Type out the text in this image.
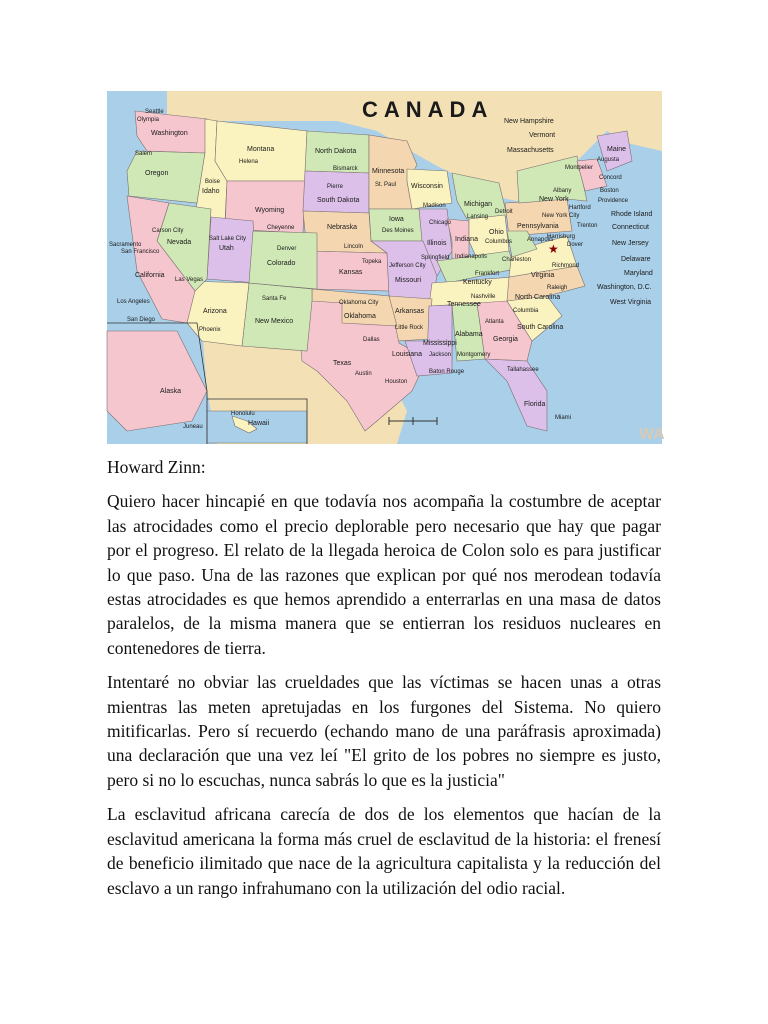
CANADA
Washington
Oregon
Idaho
Montana
Wyoming
North Dakota
South Dakota
Minnesota
Wisconsin
Michigan
Iowa
Nebraska
Illinois
Indiana
Ohio
Pennsylvania
New York
Kansas
Missouri	Kentucky
Tennessee
Arkansas
Mississippi
Alabama
Georgia
South Carolina
North Carolina
Virginia
West Virginia
Texas
Oklahoma
New Mexico
Arizona
Utah
Nevada
California
Colorado
Louisiana
Florida
Maine
New Hampshire
Vermont
Massachusetts
Connecticut
Rhode Island
New Jersey
Delaware
Maryland
Washington, D.C.
Alaska
Hawaii
Olympia
Salem
Boise
Helena
Bismarck
Pierre	St. Paul
Madison
Lansing
Des Moines
Lincoln
Springfield Indianapolis
Columbus
Harrisburg
Albany
Topeka
Jefferson City
Frankfort
Nashville
Little Rock
Jackson Montgomery
Atlanta
Columbia
Raleigh
Richmond
Charleston
Austin
Oklahoma City
Santa Fe
Phoenix
Salt Lake City
Carson City
Sacramento
Denver
Cheyenne
Baton Rouge	Tallahassee
Augusta
Concord
Montpelier
Boston
Hartford
Providence
Trenton
Dover
Annapolis
Juneau
Honolulu
Seattle
San Francisco
Los Angeles
San Diego
Las Vegas
Chicago
Detroit
New York City
Miami
Dallas
Houston
★
WA

Howard Zinn:

Quiero hacer hincapié en que todavía nos acompaña la costumbre de aceptar las atrocidades como el precio deplorable pero necesario que hay que pagar por el progreso. El relato de la llegada heroica de Colon solo es para justificar lo que paso. Una de las razones que explican por qué nos merodean todavía estas atrocidades es que hemos aprendido a enterrarlas en una masa de datos paralelos, de la misma manera que se entierran los residuos nucleares en contenedores de tierra.

Intentaré no obviar las crueldades que las víctimas se hacen unas a otras mientras las meten apretujadas en los furgones del Sistema. No quiero mitificarlas. Pero sí recuerdo (echando mano de una paráfrasis aproximada) una declaración que una vez leí "El grito de los pobres no siempre es justo, pero si no lo escuchas, nunca sabrás lo que es la justicia"

La esclavitud africana carecía de dos de los elementos que hacían de la esclavitud americana la forma más cruel de esclavitud de la historia: el frenesí de beneficio ilimitado que nace de la agricultura capitalista y la reducción del esclavo a un rango infrahumano con la utilización del odio racial.
